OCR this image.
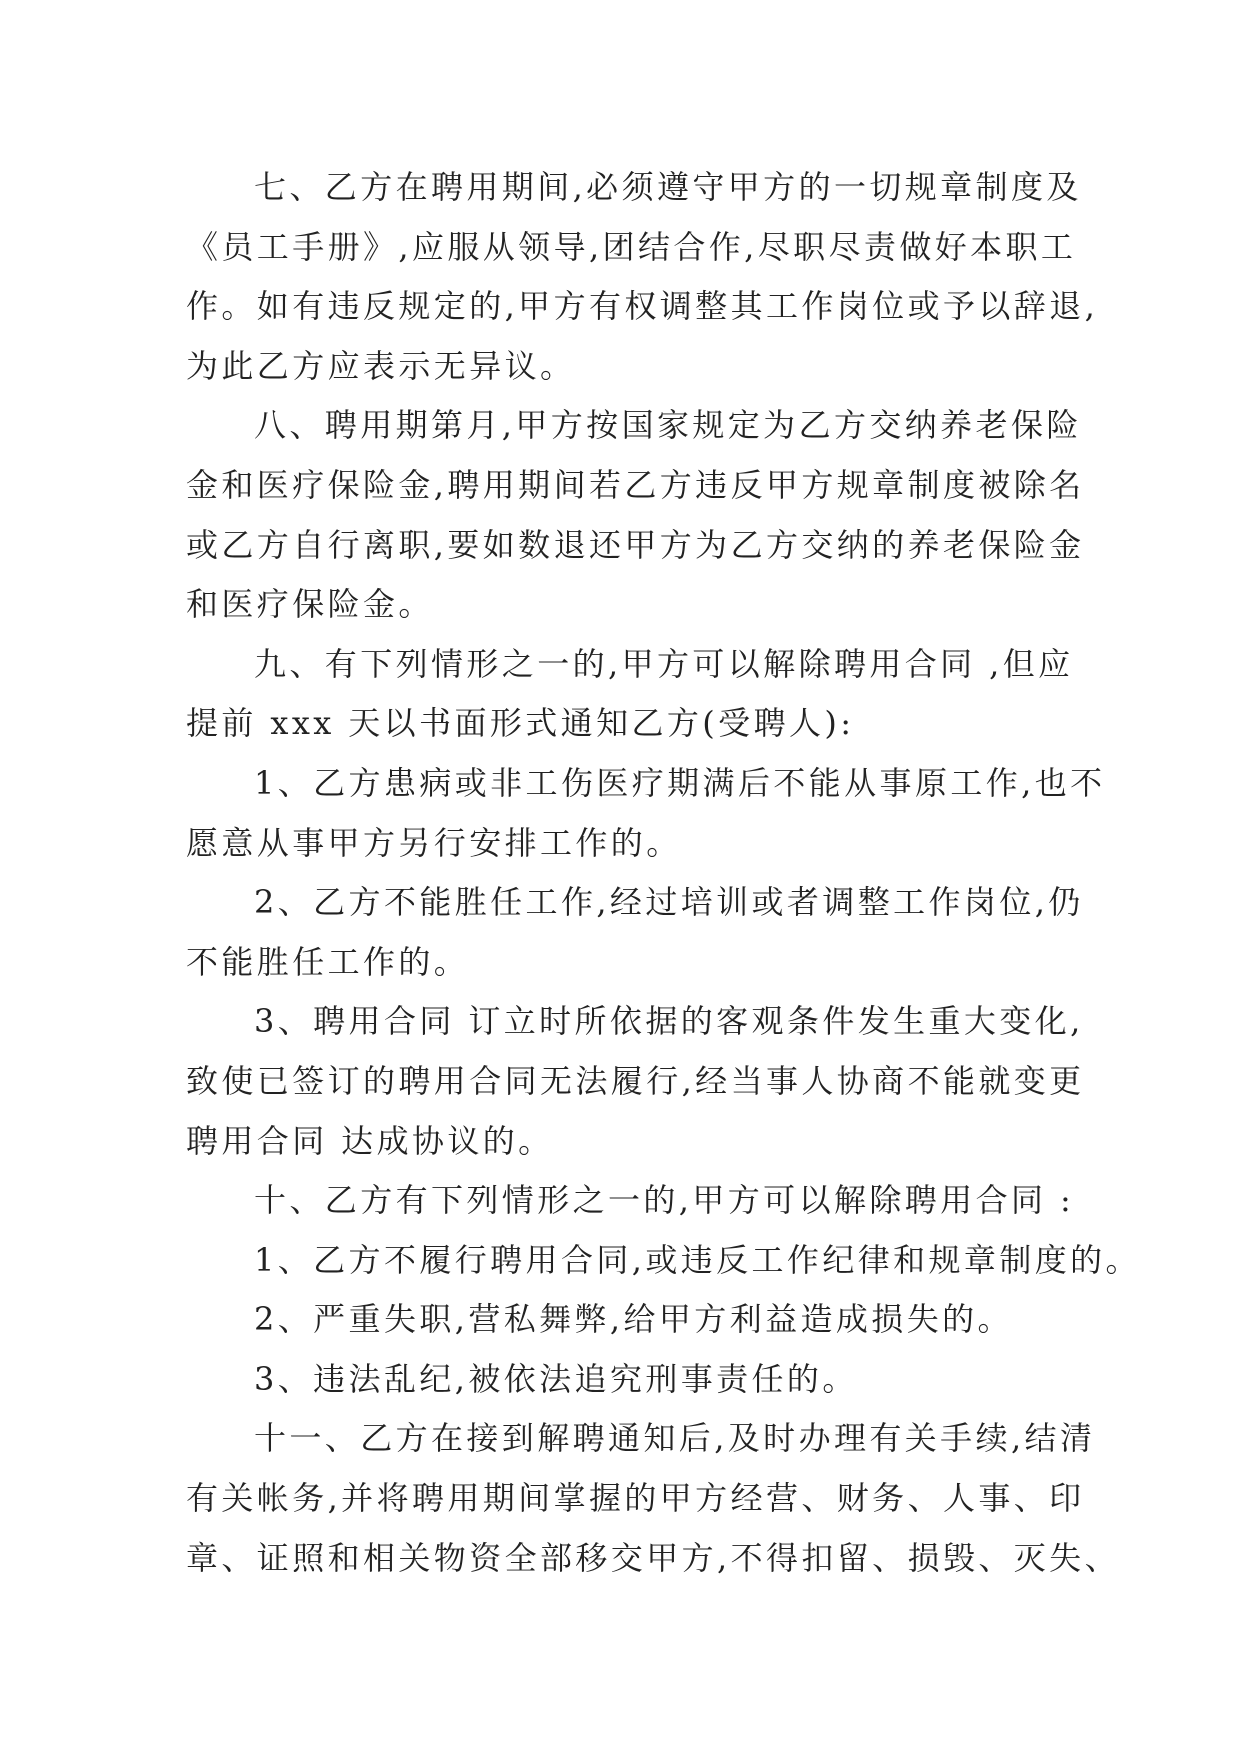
七、乙方在聘用期间,必须遵守甲方的一切规章制度及
《员工手册》,应服从领导,团结合作,尽职尽责做好本职工
作。如有违反规定的,甲方有权调整其工作岗位或予以辞退,
为此乙方应表示无异议。
八、聘用期第月,甲方按国家规定为乙方交纳养老保险
金和医疗保险金,聘用期间若乙方违反甲方规章制度被除名
或乙方自行离职,要如数退还甲方为乙方交纳的养老保险金
和医疗保险金。
九、有下列情形之一的,甲方可以解除聘用合同 ,但应
提前 xxx 天以书面形式通知乙方(受聘人):
1、乙方患病或非工伤医疗期满后不能从事原工作,也不
愿意从事甲方另行安排工作的。
2、乙方不能胜任工作,经过培训或者调整工作岗位,仍
不能胜任工作的。
3、聘用合同 订立时所依据的客观条件发生重大变化,
致使已签订的聘用合同无法履行,经当事人协商不能就变更
聘用合同 达成协议的。
十、乙方有下列情形之一的,甲方可以解除聘用合同 :
1、乙方不履行聘用合同,或违反工作纪律和规章制度的。
2、严重失职,营私舞弊,给甲方利益造成损失的。
3、违法乱纪,被依法追究刑事责任的。
十一、乙方在接到解聘通知后,及时办理有关手续,结清
有关帐务,并将聘用期间掌握的甲方经营、财务、人事、印
章、证照和相关物资全部移交甲方,不得扣留、损毁、灭失、
